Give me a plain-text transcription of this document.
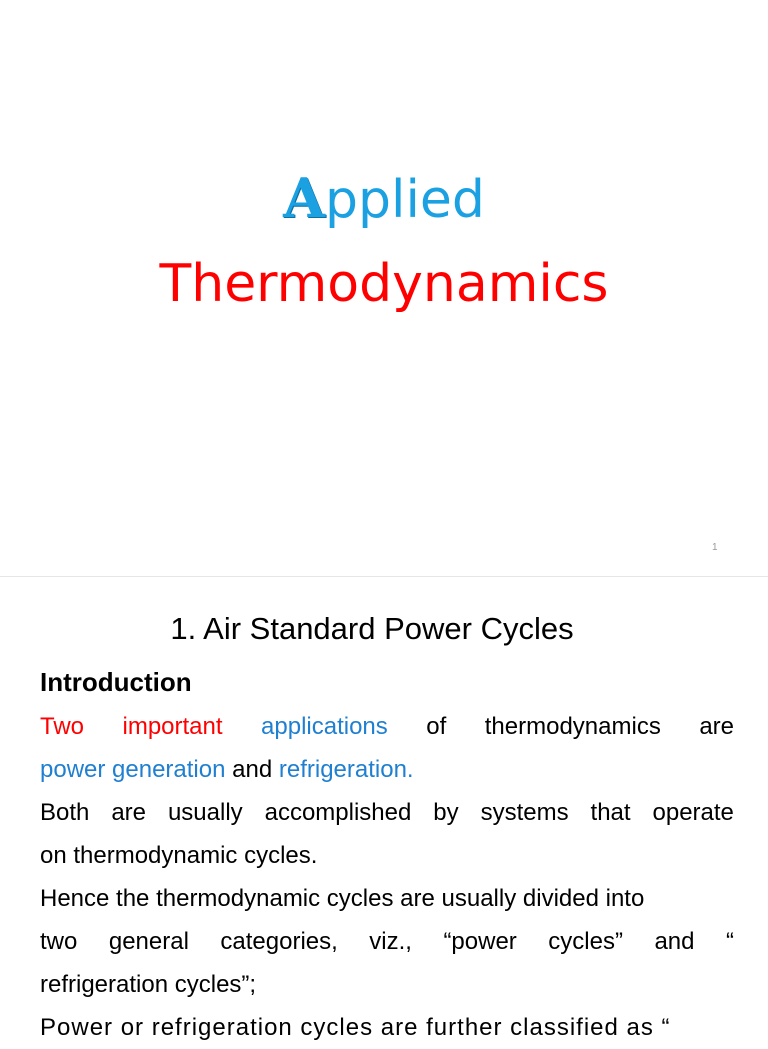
Applied
Thermodynamics
1
1. Air Standard Power Cycles
Introduction
Two important applications of thermodynamics are
power generation and refrigeration.
Both are usually accomplished by systems that operate
on thermodynamic cycles.
Hence the thermodynamic cycles are usually divided into
two general categories, viz., “power cycles” and “
refrigeration cycles”;
Power or refrigeration cycles are further classified as “
